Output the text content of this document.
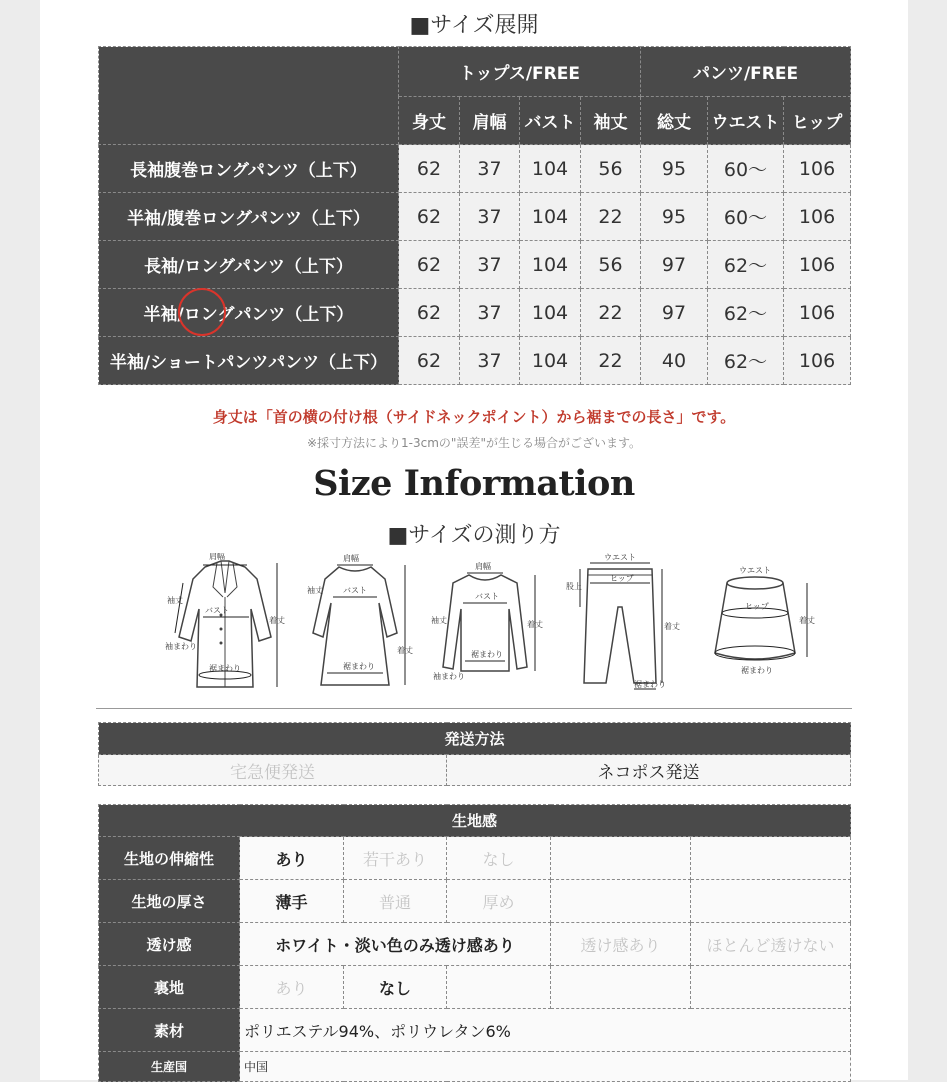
■サイズ展開
	トップス/FREE				パンツ/FREE		
	身丈	肩幅	バスト	袖丈	総丈	ウエスト	ヒップ
長袖腹巻ロングパンツ（上下）	62	37	104	56	95	60～	106
半袖/腹巻ロングパンツ（上下）	62	37	104	22	95	60～	106
長袖/ロングパンツ（上下）	62	37	104	56	97	62～	106
半袖/ロングパンツ（上下）	62	37	104	22	97	62～	106
半袖/ショートパンツパンツ（上下）	62	37	104	22	40	62～	106
身丈は「首の横の付け根（サイドネックポイント）から裾までの長さ」です。
※採寸方法により1-3cmの"誤差"が生じる場合がございます。
Size Information
■サイズの測り方
肩幅
バスト
裾まわり
袖まわり
袖丈
着丈
肩幅
バスト
裾まわり
袖丈
着丈
肩幅
バスト
裾まわり
袖まわり
袖丈	着丈
ウエスト
ヒップ
股上
着丈
裾まわり
ウエスト
ヒップ
裾まわり
着丈
発送方法
宅急便発送	ネコポス発送
生地感					
生地の伸縮性	あり	若干あり	なし		
生地の厚さ	薄手	普通	厚め		
透け感	ホワイト・淡い色のみ透け感あり			透け感あり	ほとんど透けない
裏地	あり	なし			
素材	ポリエステル94%、ポリウレタン6%				
生産国	中国				
